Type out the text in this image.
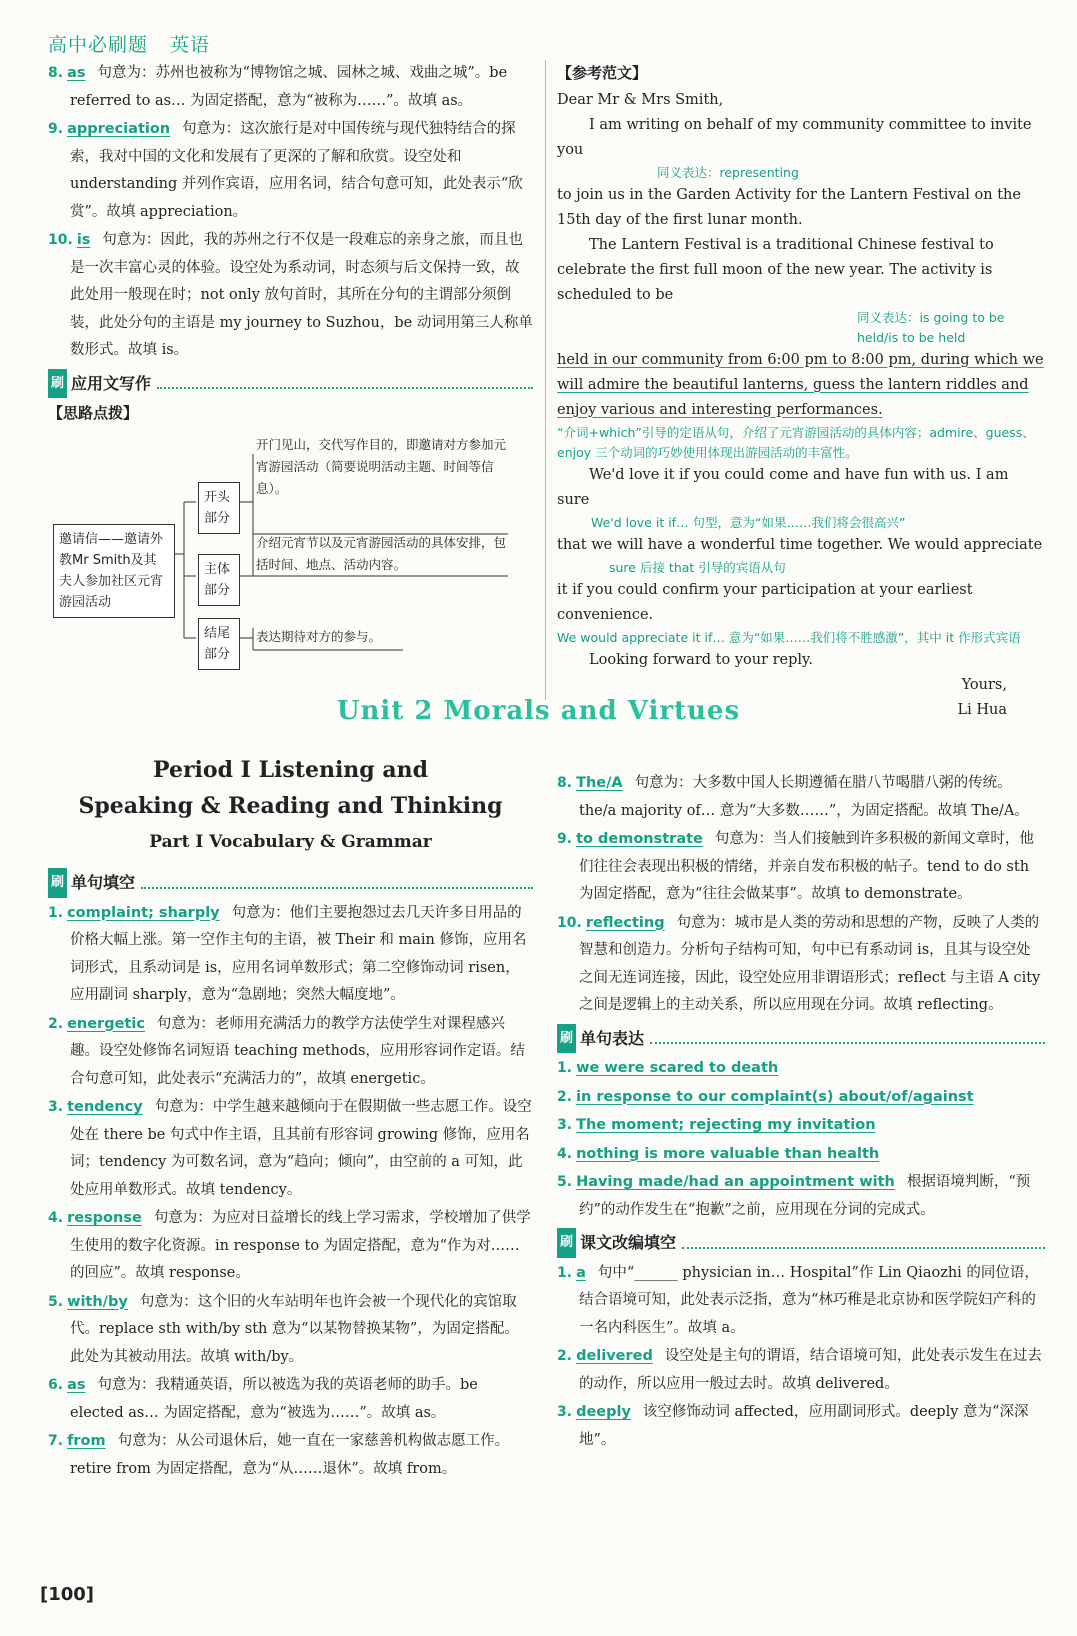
高中必刷题 英语

8. as 句意为：苏州也被称为“博物馆之城、园林之城、戏曲之城”。be referred to as… 为固定搭配，意为“被称为……”。故填 as。

9. appreciation 句意为：这次旅行是对中国传统与现代独特结合的探索，我对中国的文化和发展有了更深的了解和欣赏。设空处和 understanding 并列作宾语，应用名词，结合句意可知，此处表示“欣赏”。故填 appreciation。

10. is 句意为：因此，我的苏州之行不仅是一段难忘的亲身之旅，而且也是一次丰富心灵的体验。设空处为系动词，时态须与后文保持一致，故此处用一般现在时；not only 放句首时，其所在分句的主谓部分须倒装，此处分句的主语是 my journey to Suzhou，be 动词用第三人称单数形式。故填 is。

刷 应用文写作
【思路点拨】
邀请信——邀请外教Mr Smith及其夫人参加社区元宵游园活动
开头部分
主体部分
结尾部分
开门见山，交代写作目的，即邀请对方参加元宵游园活动（简要说明活动主题、时间等信息）。
介绍元宵节以及元宵游园活动的具体安排，包括时间、地点、活动内容。
表达期待对方的参与。

【参考范文】

Dear Mr & Mrs Smith,

I am writing on behalf of my community committee to invite you

同义表达：representing

to join us in the Garden Activity for the Lantern Festival on the 15th day of the first lunar month.

The Lantern Festival is a traditional Chinese festival to celebrate the first full moon of the new year. The activity is scheduled to be

同义表达：is going to be held/is to be held

held in our community from 6:00 pm to 8:00 pm, during which we will admire the beautiful lanterns, guess the lantern riddles and enjoy various and interesting performances.

“介词+which”引导的定语从句，介绍了元宵游园活动的具体内容；admire、guess、enjoy 三个动词的巧妙使用体现出游园活动的丰富性。

We'd love it if you could come and have fun with us. I am sure

We'd love it if… 句型，意为“如果……我们将会很高兴”

that we will have a wonderful time together. We would appreciate

sure 后接 that 引导的宾语从句

it if you could confirm your participation at your earliest convenience.

We would appreciate it if… 意为“如果……我们将不胜感激”，其中 it 作形式宾语

Looking forward to your reply.

Yours,

Li Hua

Unit 2 Morals and Virtues
Period I Listening and
Speaking & Reading and Thinking
Part I Vocabulary & Grammar
刷 单句填空

1. complaint; sharply 句意为：他们主要抱怨过去几天许多日用品的价格大幅上涨。第一空作主句的主语，被 Their 和 main 修饰，应用名词形式，且系动词是 is，应用名词单数形式；第二空修饰动词 risen，应用副词 sharply，意为“急剧地；突然大幅度地”。

2. energetic 句意为：老师用充满活力的教学方法使学生对课程感兴趣。设空处修饰名词短语 teaching methods，应用形容词作定语。结合句意可知，此处表示“充满活力的”，故填 energetic。

3. tendency 句意为：中学生越来越倾向于在假期做一些志愿工作。设空处在 there be 句式中作主语，且其前有形容词 growing 修饰，应用名词；tendency 为可数名词，意为“趋向；倾向”，由空前的 a 可知，此处应用单数形式。故填 tendency。

4. response 句意为：为应对日益增长的线上学习需求，学校增加了供学生使用的数字化资源。in response to 为固定搭配，意为“作为对……的回应”。故填 response。

5. with/by 句意为：这个旧的火车站明年也许会被一个现代化的宾馆取代。replace sth with/by sth 意为“以某物替换某物”，为固定搭配。此处为其被动用法。故填 with/by。

6. as 句意为：我精通英语，所以被选为我的英语老师的助手。be elected as… 为固定搭配，意为“被选为……”。故填 as。

7. from 句意为：从公司退休后，她一直在一家慈善机构做志愿工作。retire from 为固定搭配，意为“从……退休”。故填 from。

8. The/A 句意为：大多数中国人长期遵循在腊八节喝腊八粥的传统。the/a majority of… 意为“大多数……”，为固定搭配。故填 The/A。

9. to demonstrate 句意为：当人们接触到许多积极的新闻文章时，他们往往会表现出积极的情绪，并亲自发布积极的帖子。tend to do sth 为固定搭配，意为“往往会做某事”。故填 to demonstrate。

10. reflecting 句意为：城市是人类的劳动和思想的产物，反映了人类的智慧和创造力。分析句子结构可知，句中已有系动词 is，且其与设空处之间无连词连接，因此，设空处应用非谓语形式；reflect 与主语 A city 之间是逻辑上的主动关系，所以应用现在分词。故填 reflecting。

刷 单句表达

1. we were scared to death

2. in response to our complaint(s) about/of/against

3. The moment; rejecting my invitation

4. nothing is more valuable than health

5. Having made/had an appointment with 根据语境判断，“预约”的动作发生在“抱歉”之前，应用现在分词的完成式。

刷 课文改编填空

1. a 句中“______ physician in… Hospital”作 Lin Qiaozhi 的同位语，结合语境可知，此处表示泛指，意为“林巧稚是北京协和医学院妇产科的一名内科医生”。故填 a。

2. delivered 设空处是主句的谓语，结合语境可知，此处表示发生在过去的动作，所以应用一般过去时。故填 delivered。

3. deeply 该空修饰动词 affected，应用副词形式。deeply 意为“深深地”。

[100]
